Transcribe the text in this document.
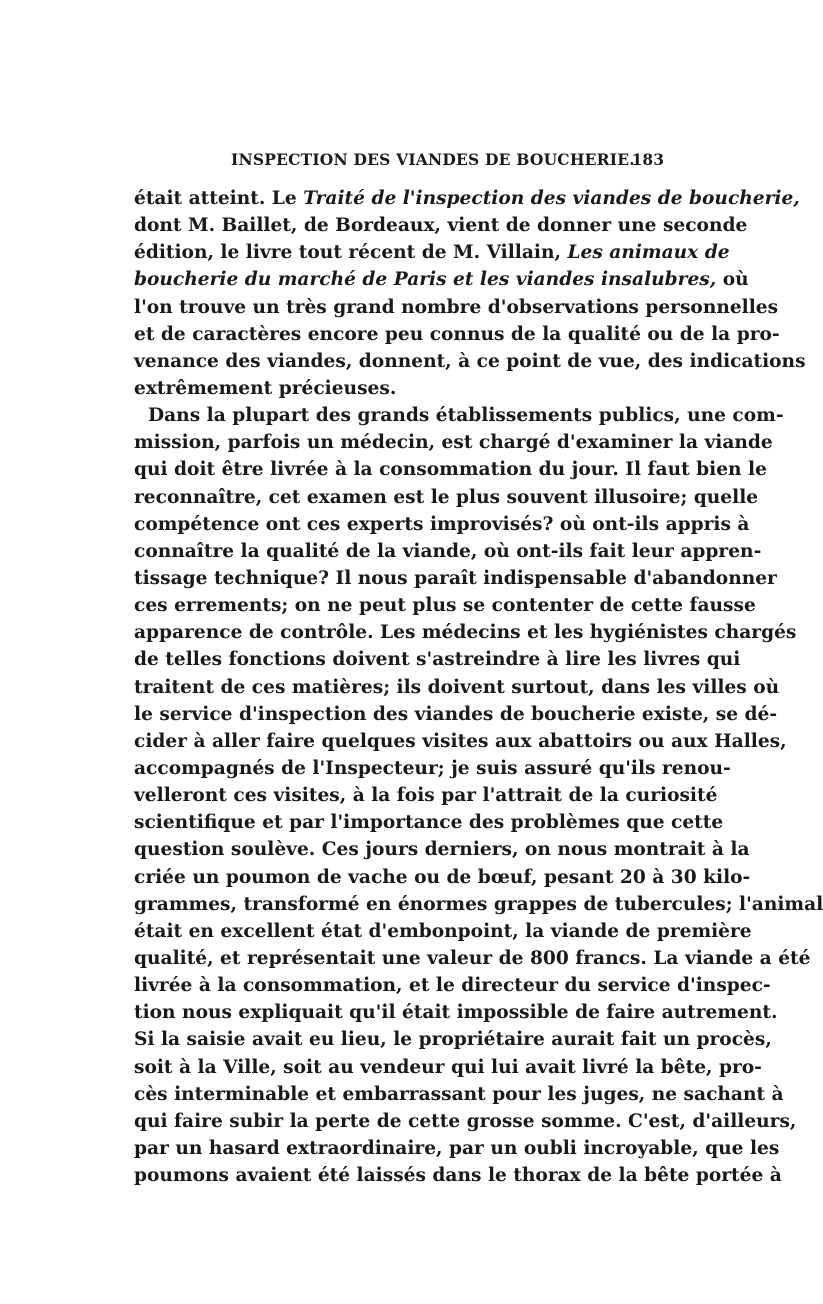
INSPECTION DES VIANDES DE BOUCHERIE.
183
était atteint. Le Traité de l'inspection des viandes de boucherie,
dont M. Baillet, de Bordeaux, vient de donner une seconde
édition, le livre tout récent de M. Villain, Les animaux de
boucherie du marché de Paris et les viandes insalubres, où
l'on trouve un très grand nombre d'observations personnelles
et de caractères encore peu connus de la qualité ou de la pro-
venance des viandes, donnent, à ce point de vue, des indications
extrêmement précieuses.
Dans la plupart des grands établissements publics, une com-
mission, parfois un médecin, est chargé d'examiner la viande
qui doit être livrée à la consommation du jour. Il faut bien le
reconnaître, cet examen est le plus souvent illusoire; quelle
compétence ont ces experts improvisés? où ont-ils appris à
connaître la qualité de la viande, où ont-ils fait leur appren-
tissage technique? Il nous paraît indispensable d'abandonner
ces errements; on ne peut plus se contenter de cette fausse
apparence de contrôle. Les médecins et les hygiénistes chargés
de telles fonctions doivent s'astreindre à lire les livres qui
traitent de ces matières; ils doivent surtout, dans les villes où
le service d'inspection des viandes de boucherie existe, se dé-
cider à aller faire quelques visites aux abattoirs ou aux Halles,
accompagnés de l'Inspecteur; je suis assuré qu'ils renou-
velleront ces visites, à la fois par l'attrait de la curiosité
scientifique et par l'importance des problèmes que cette
question soulève. Ces jours derniers, on nous montrait à la
criée un poumon de vache ou de bœuf, pesant 20 à 30 kilo-
grammes, transformé en énormes grappes de tubercules; l'animal
était en excellent état d'embonpoint, la viande de première
qualité, et représentait une valeur de 800 francs. La viande a été
livrée à la consommation, et le directeur du service d'inspec-
tion nous expliquait qu'il était impossible de faire autrement.
Si la saisie avait eu lieu, le propriétaire aurait fait un procès,
soit à la Ville, soit au vendeur qui lui avait livré la bête, pro-
cès interminable et embarrassant pour les juges, ne sachant à
qui faire subir la perte de cette grosse somme. C'est, d'ailleurs,
par un hasard extraordinaire, par un oubli incroyable, que les
poumons avaient été laissés dans le thorax de la bête portée à
